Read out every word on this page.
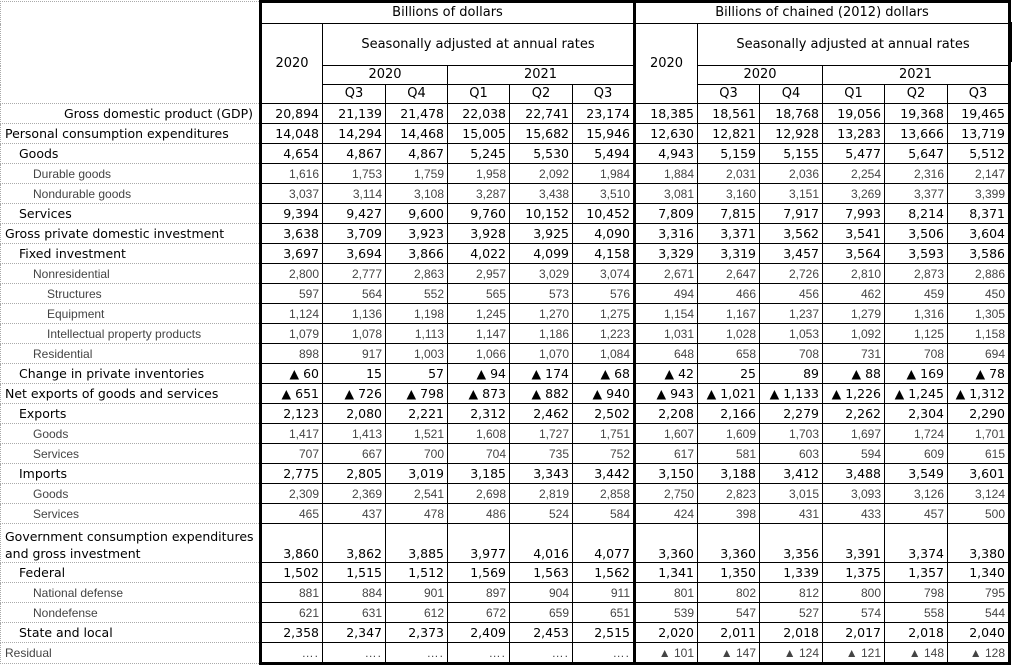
	Billions of dollars						Billions of chained (2012) dollars					
	2020	Seasonally adjusted at annual rates					2020	Seasonally adjusted at annual rates				
		2020		2021				2020		2021		
		Q3	Q4	Q1	Q2	Q3		Q3	Q4	Q1	Q2	Q3
Gross domestic product (GDP)	20,894	21,139	21,478	22,038	22,741	23,174	18,385	18,561	18,768	19,056	19,368	19,465
Personal consumption expenditures	14,048	14,294	14,468	15,005	15,682	15,946	12,630	12,821	12,928	13,283	13,666	13,719
Goods	4,654	4,867	4,867	5,245	5,530	5,494	4,943	5,159	5,155	5,477	5,647	5,512
Durable goods	1,616	1,753	1,759	1,958	2,092	1,984	1,884	2,031	2,036	2,254	2,316	2,147
Nondurable goods	3,037	3,114	3,108	3,287	3,438	3,510	3,081	3,160	3,151	3,269	3,377	3,399
Services	9,394	9,427	9,600	9,760	10,152	10,452	7,809	7,815	7,917	7,993	8,214	8,371
Gross private domestic investment	3,638	3,709	3,923	3,928	3,925	4,090	3,316	3,371	3,562	3,541	3,506	3,604
Fixed investment	3,697	3,694	3,866	4,022	4,099	4,158	3,329	3,319	3,457	3,564	3,593	3,586
Nonresidential	2,800	2,777	2,863	2,957	3,029	3,074	2,671	2,647	2,726	2,810	2,873	2,886
Structures	597	564	552	565	573	576	494	466	456	462	459	450
Equipment	1,124	1,136	1,198	1,245	1,270	1,275	1,154	1,167	1,237	1,279	1,316	1,305
Intellectual property products	1,079	1,078	1,113	1,147	1,186	1,223	1,031	1,028	1,053	1,092	1,125	1,158
Residential	898	917	1,003	1,066	1,070	1,084	648	658	708	731	708	694
Change in private inventories	▲ 60	15	57	▲ 94	▲ 174	▲ 68	▲ 42	25	89	▲ 88	▲ 169	▲ 78
Net exports of goods and services	▲ 651	▲ 726	▲ 798	▲ 873	▲ 882	▲ 940	▲ 943	▲ 1,021	▲ 1,133	▲ 1,226	▲ 1,245	▲ 1,312
Exports	2,123	2,080	2,221	2,312	2,462	2,502	2,208	2,166	2,279	2,262	2,304	2,290
Goods	1,417	1,413	1,521	1,608	1,727	1,751	1,607	1,609	1,703	1,697	1,724	1,701
Services	707	667	700	704	735	752	617	581	603	594	609	615
Imports	2,775	2,805	3,019	3,185	3,343	3,442	3,150	3,188	3,412	3,488	3,549	3,601
Goods	2,309	2,369	2,541	2,698	2,819	2,858	2,750	2,823	3,015	3,093	3,126	3,124
Services	465	437	478	486	524	584	424	398	431	433	457	500
Government consumption expenditures and gross investment	3,860	3,862	3,885	3,977	4,016	4,077	3,360	3,360	3,356	3,391	3,374	3,380
Federal	1,502	1,515	1,512	1,569	1,563	1,562	1,341	1,350	1,339	1,375	1,357	1,340
National defense	881	884	901	897	904	911	801	802	812	800	798	795
Nondefense	621	631	612	672	659	651	539	547	527	574	558	544
State and local	2,358	2,347	2,373	2,409	2,453	2,515	2,020	2,011	2,018	2,017	2,018	2,040
Residual	….	….	….	….	….	….	▲ 101	▲ 147	▲ 124	▲ 121	▲ 148	▲ 128
